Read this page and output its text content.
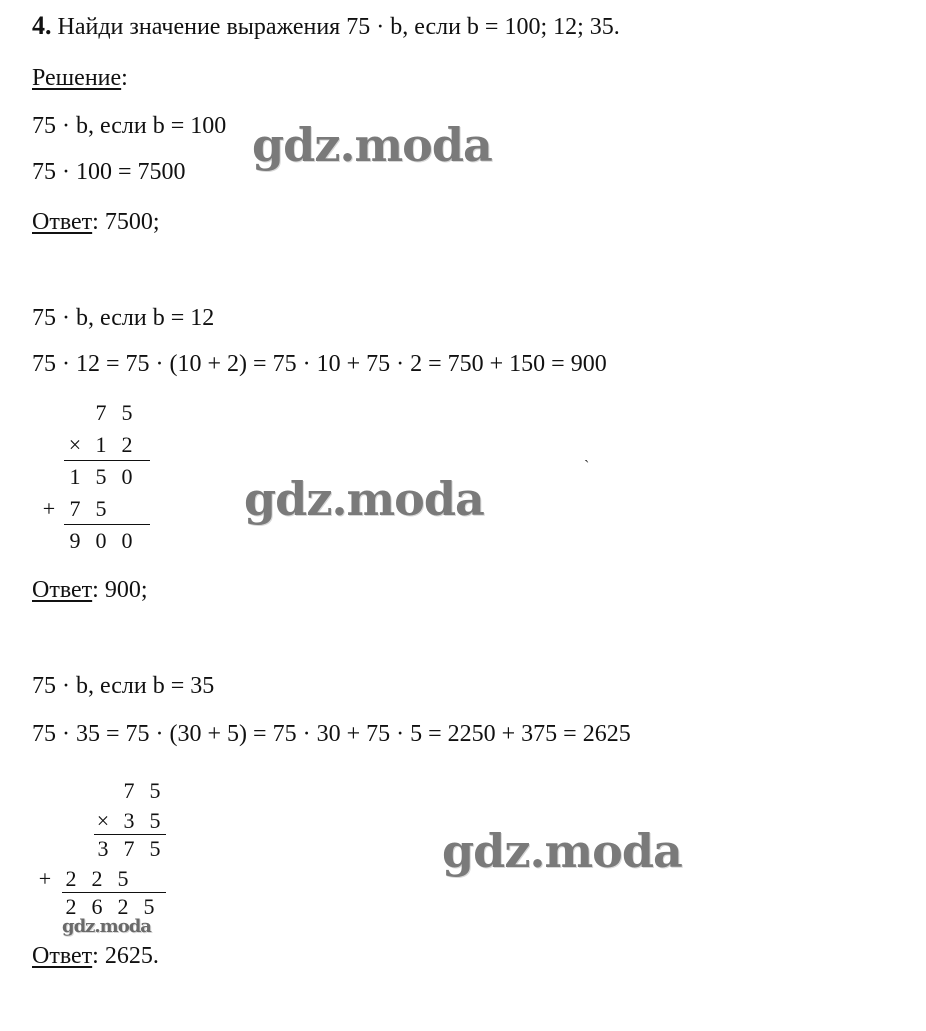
4. Найди значение выражения 75 · b, если b = 100; 12; 35.
Решение:
75 · b, если b = 100
75 · 100 = 7500
Ответ: 7500;
gdz.moda
75 · b, если b = 12
75 · 12 = 75 · (10 + 2) = 75 · 10 + 75 · 2 = 750 + 150 = 900
7 5
× 1 2
1 5 0
+ 7 5
9 0 0
gdz.moda
ˋ
Ответ: 900;
75 · b, если b = 35
75 · 35 = 75 · (30 + 5) = 75 · 30 + 75 · 5 = 2250 + 375 = 2625
7 5
× 3 5
3 7 5
+ 2 2 5
2 6 2 5
gdz.moda
gdz.moda
Ответ: 2625.
